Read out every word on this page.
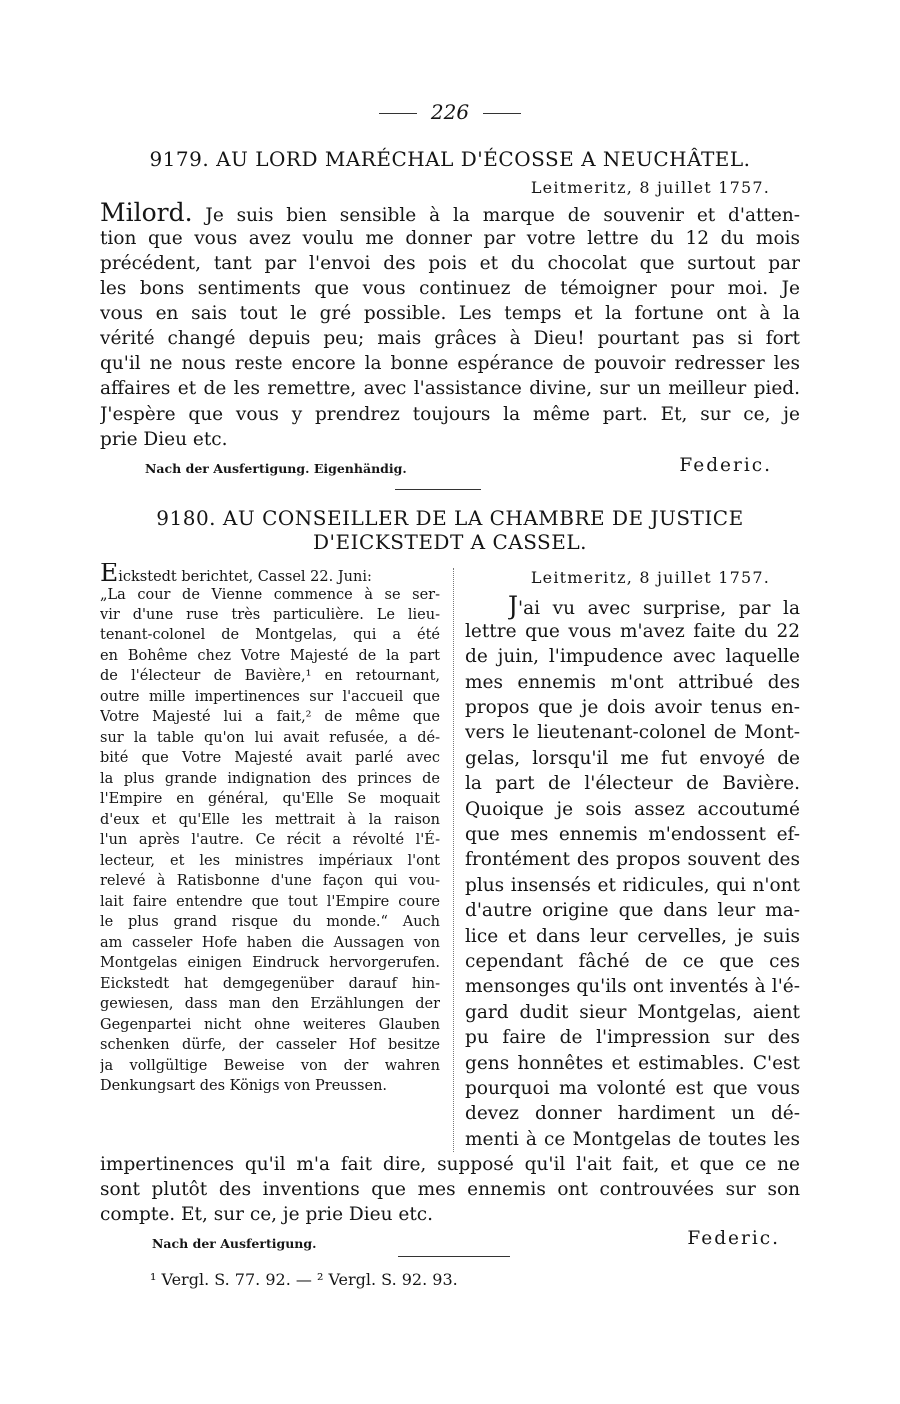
226
9179. AU LORD MARÉCHAL D'ÉCOSSE A NEUCHÂTEL.
Leitmeritz, 8 juillet 1757.
Milord. Je suis bien sensible à la marque de souvenir et d'atten-
tion que vous avez voulu me donner par votre lettre du 12 du mois
précédent, tant par l'envoi des pois et du chocolat que surtout par
les bons sentiments que vous continuez de témoigner pour moi. Je
vous en sais tout le gré possible. Les temps et la fortune ont à la
vérité changé depuis peu; mais grâces à Dieu! pourtant pas si fort
qu'il ne nous reste encore la bonne espérance de pouvoir redresser les
affaires et de les remettre, avec l'assistance divine, sur un meilleur pied.
J'espère que vous y prendrez toujours la même part. Et, sur ce, je
prie Dieu etc.
Nach der Ausfertigung. Eigenhändig.	Federic.
9180. AU CONSEILLER DE LA CHAMBRE DE JUSTICE
D'EICKSTEDT A CASSEL.
Eickstedt berichtet, Cassel 22. Juni:
„La cour de Vienne commence à se ser-
vir d'une ruse très particulière. Le lieu-
tenant-colonel de Montgelas, qui a été
en Bohême chez Votre Majesté de la part
de l'électeur de Bavière,¹ en retournant,
outre mille impertinences sur l'accueil que
Votre Majesté lui a fait,² de même que
sur la table qu'on lui avait refusée, a dé-
bité que Votre Majesté avait parlé avec
la plus grande indignation des princes de
l'Empire en général, qu'Elle Se moquait
d'eux et qu'Elle les mettrait à la raison
l'un après l'autre. Ce récit a révolté l'É-
lecteur, et les ministres impériaux l'ont
relevé à Ratisbonne d'une façon qui vou-
lait faire entendre que tout l'Empire coure
le plus grand risque du monde.“ Auch
am casseler Hofe haben die Aussagen von
Montgelas einigen Eindruck hervorgerufen.
Eickstedt hat demgegenüber darauf hin-
gewiesen, dass man den Erzählungen der
Gegenpartei nicht ohne weiteres Glauben
schenken dürfe, der casseler Hof besitze
ja vollgültige Beweise von der wahren
Denkungsart des Königs von Preussen.
Leitmeritz, 8 juillet 1757.
J'ai vu avec surprise, par la
lettre que vous m'avez faite du 22
de juin, l'impudence avec laquelle
mes ennemis m'ont attribué des
propos que je dois avoir tenus en-
vers le lieutenant-colonel de Mont-
gelas, lorsqu'il me fut envoyé de
la part de l'électeur de Bavière.
Quoique je sois assez accoutumé
que mes ennemis m'endossent ef-
frontément des propos souvent des
plus insensés et ridicules, qui n'ont
d'autre origine que dans leur ma-
lice et dans leur cervelles, je suis
cependant fâché de ce que ces
mensonges qu'ils ont inventés à l'é-
gard dudit sieur Montgelas, aient
pu faire de l'impression sur des
gens honnêtes et estimables. C'est
pourquoi ma volonté est que vous
devez donner hardiment un dé-
menti à ce Montgelas de toutes les
impertinences qu'il m'a fait dire, supposé qu'il l'ait fait, et que ce ne
sont plutôt des inventions que mes ennemis ont controuvées sur son
compte. Et, sur ce, je prie Dieu etc.
Nach der Ausfertigung.	Federic.
¹ Vergl. S. 77. 92. — ² Vergl. S. 92. 93.
